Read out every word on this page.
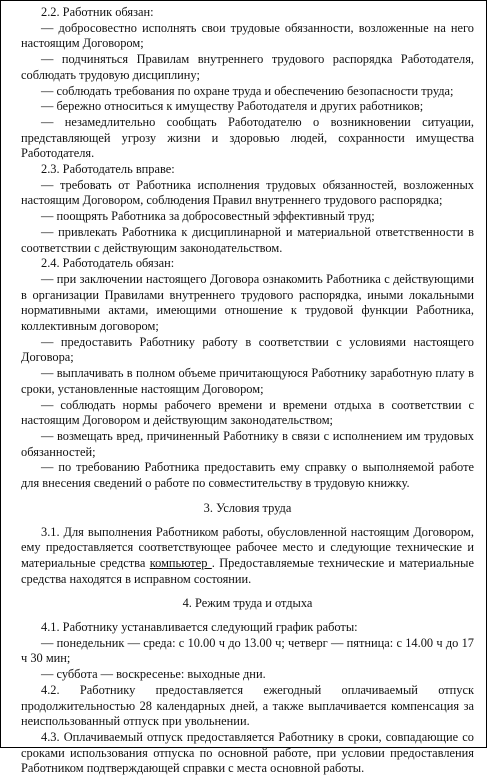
2.2. Работник обязан:

— добросовестно исполнять свои трудовые обязанности, возложенные на него настоящим Договором;

— подчиняться Правилам внутреннего трудового распорядка Работодателя, соблюдать трудовую дисциплину;

— соблюдать требования по охране труда и обеспечению безопасности труда;

— бережно относиться к имуществу Работодателя и других работников;

— незамедлительно сообщать Работодателю о возникновении ситуации, представляющей угрозу жизни и здоровью людей, сохранности имущества Работодателя.

2.3. Работодатель вправе:

— требовать от Работника исполнения трудовых обязанностей, возложенных настоящим Договором, соблюдения Правил внутреннего трудового распорядка;

— поощрять Работника за добросовестный эффективный труд;

— привлекать Работника к дисциплинарной и материальной ответственности в соответствии с действующим законодательством.

2.4. Работодатель обязан:

— при заключении настоящего Договора ознакомить Работника с действующими в организации Правилами внутреннего трудового распорядка, иными локальными нормативными актами, имеющими отношение к трудовой функции Работника, коллективным договором;

— предоставить Работнику работу в соответствии с условиями настоящего Договора;

— выплачивать в полном объеме причитающуюся Работнику заработную плату в сроки, установленные настоящим Договором;

— соблюдать нормы рабочего времени и времени отдыха в соответствии с настоящим Договором и действующим законодательством;

— возмещать вред, причиненный Работнику в связи с исполнением им трудовых обязанностей;

— по требованию Работника предоставить ему справку о выполняемой работе для внесения сведений о работе по совместительству в трудовую книжку.

3. Условия труда

3.1. Для выполнения Работником работы, обусловленной настоящим Договором, ему предоставляется соответствующее рабочее место и следующие технические и материальные средства компьютер . Предоставляемые технические и материальные средства находятся в исправном состоянии.

4. Режим труда и отдыха

4.1. Работнику устанавливается следующий график работы:

— понедельник — среда: с 10.00 ч до 13.00 ч; четверг — пятница: с 14.00 ч до 17 ч 30 мин;

— суббота — воскресенье: выходные дни.

4.2. Работнику предоставляется ежегодный оплачиваемый отпуск продолжительностью 28 календарных дней, а также выплачивается компенсация за неиспользованный отпуск при увольнении.

4.3. Оплачиваемый отпуск предоставляется Работнику в сроки, совпадающие со сроками использования отпуска по основной работе, при условии предоставления Работником подтверждающей справки с места основной работы.
